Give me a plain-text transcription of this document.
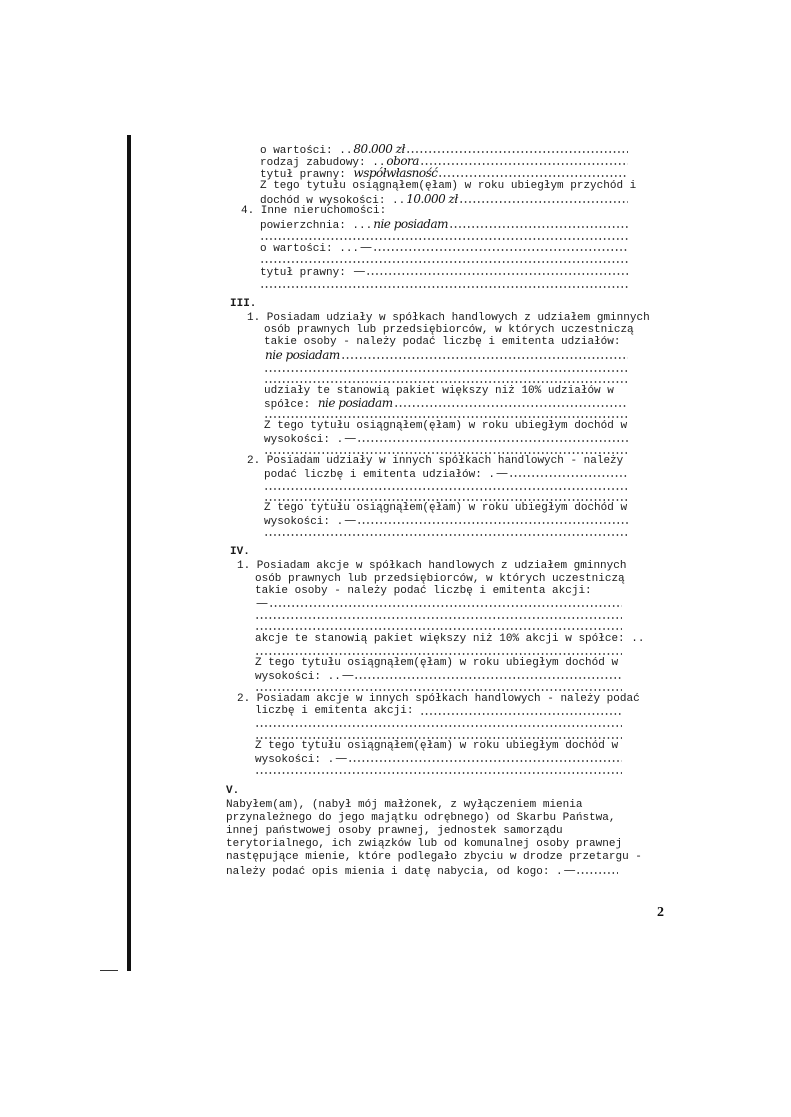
2
o wartości: .. 80.000 zł
rodzaj zabudowy: .. obora
tytuł prawny: współwłasność
Z tego tytułu osiągnąłem(ęłam) w roku ubiegłym przychód i
dochód w wysokości: .. 10.000 zł
4. Inne nieruchomości:
powierzchnia: ... nie posiadam
o wartości: ... —
tytuł prawny: —
III.
1. Posiadam udziały w spółkach handlowych z udziałem gminnych
osób prawnych lub przedsiębiorców, w których uczestniczą
takie osoby - należy podać liczbę i emitenta udziałów:
nie posiadam
udziały te stanowią pakiet większy niż 10% udziałów w
spółce: nie posiadam
Z tego tytułu osiągnąłem(ęłam) w roku ubiegłym dochód w
wysokości: . —
2. Posiadam udziały w innych spółkach handlowych - należy
podać liczbę i emitenta udziałów: . —
Z tego tytułu osiągnąłem(ęłam) w roku ubiegłym dochód w
wysokości: . —
IV.
1. Posiadam akcje w spółkach handlowych z udziałem gminnych
osób prawnych lub przedsiębiorców, w których uczestniczą
takie osoby - należy podać liczbę i emitenta akcji:
—
akcje te stanowią pakiet większy niż 10% akcji w spółce: ..
Z tego tytułu osiągnąłem(ęłam) w roku ubiegłym dochód w
wysokości: .. —
2. Posiadam akcje w innych spółkach handlowych - należy podać
liczbę i emitenta akcji:
Z tego tytułu osiągnąłem(ęłam) w roku ubiegłym dochód w
wysokości: . —
V.
Nabyłem(am), (nabył mój małżonek, z wyłączeniem mienia
przynależnego do jego majątku odrębnego) od Skarbu Państwa,
innej państwowej osoby prawnej, jednostek samorządu
terytorialnego, ich związków lub od komunalnej osoby prawnej
następujące mienie, które podlegało zbyciu w drodze przetargu -
należy podać opis mienia i datę nabycia, od kogo: . —
